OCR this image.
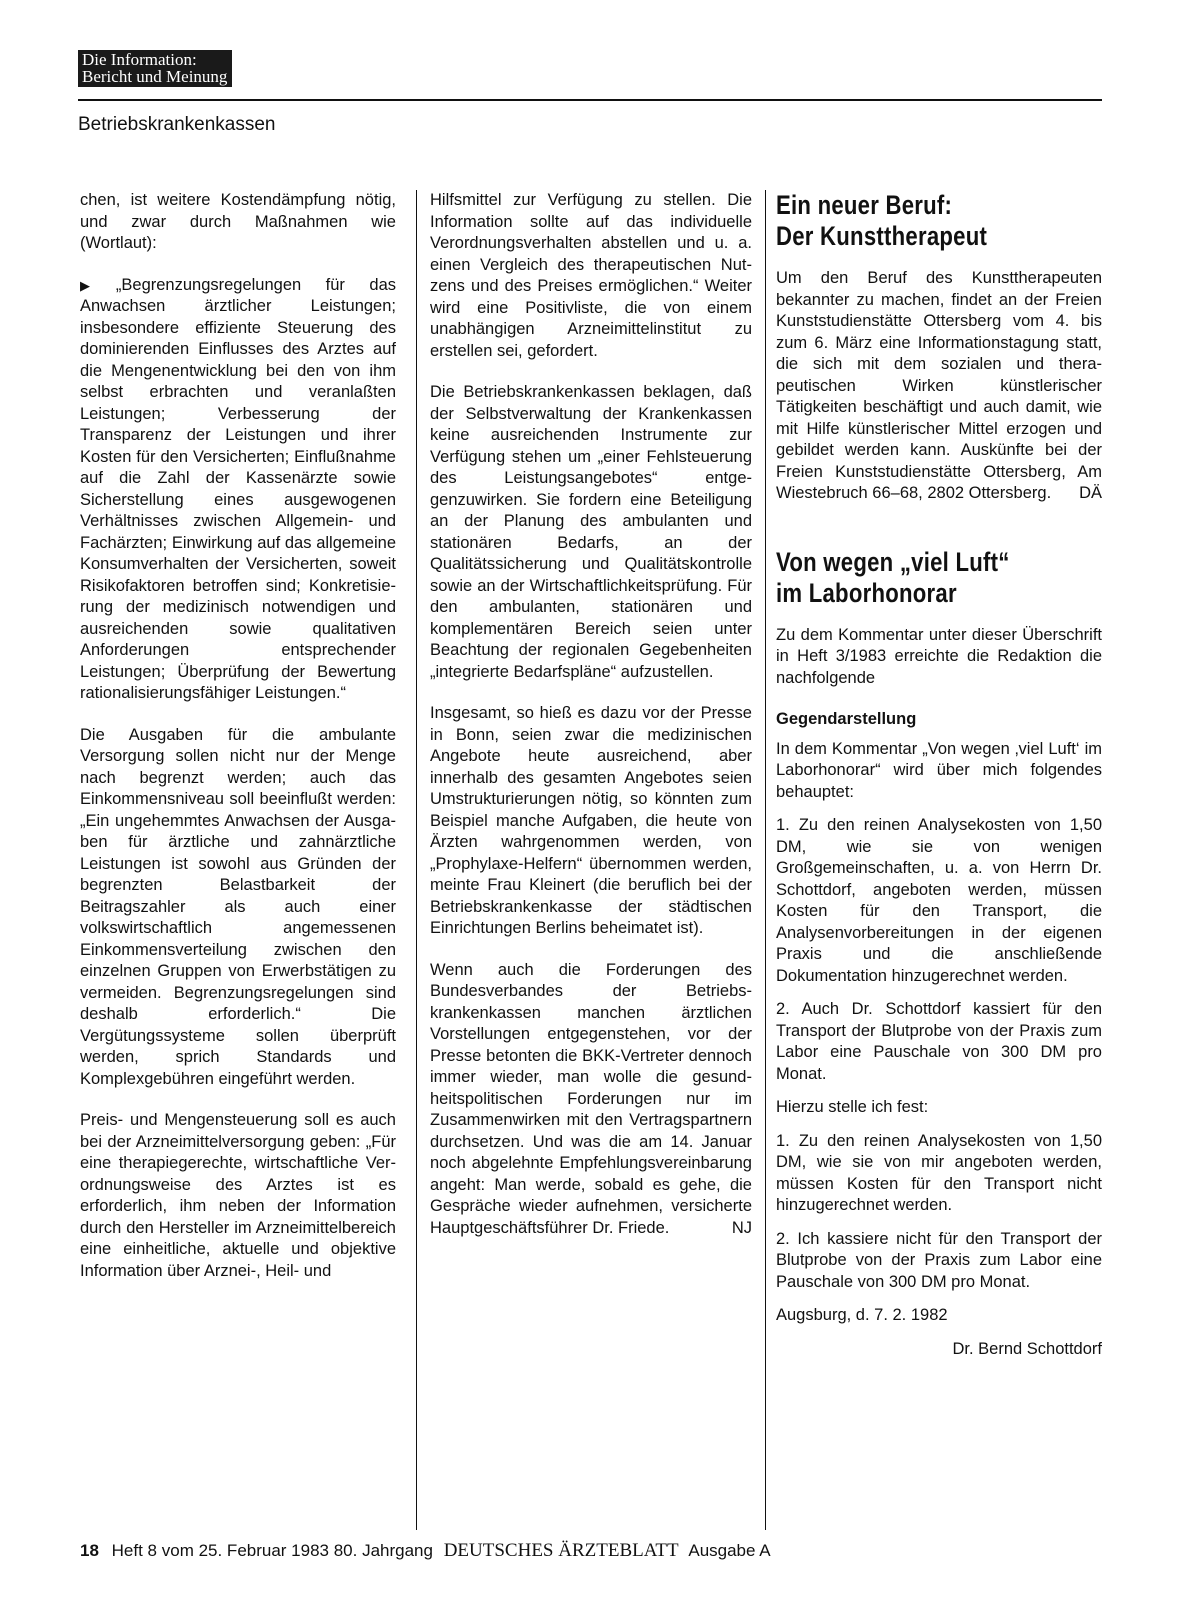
Die Information:
Bericht und Meinung
Betriebskrankenkassen

chen, ist weitere Kostendämpfung nötig, und zwar durch Maßnahmen wie (Wortlaut):

▶ „Begrenzungsregelungen für das Anwachsen ärztlicher Leistungen; insbesondere effiziente Steuerung des dominierenden Einflusses des Arztes auf die Mengenentwicklung bei den von ihm selbst erbrachten und veranlaßten Leistungen; Verbesserung der Transparenz der Leistungen und ihrer Kosten für den Versicherten; Einflußnahme auf die Zahl der Kassenärzte sowie Sicherstellung eines ausgewogenen Verhältnisses zwischen Allgemein- und Fachärzten; Einwirkung auf das allgemeine Konsumverhalten der Versicherten, soweit Risikofaktoren betroffen sind; Konkretisierung der medizinisch notwendigen und ausreichenden sowie qualitativen Anforderungen entsprechender Leistungen; Überprüfung der Bewertung rationalisierungsfähiger Leistungen.“

Die Ausgaben für die ambulante Versorgung sollen nicht nur der Menge nach begrenzt werden; auch das Einkommensniveau soll beeinflußt werden: „Ein ungehemmtes Anwachsen der Ausgaben für ärztliche und zahnärztliche Leistungen ist sowohl aus Gründen der begrenzten Belastbarkeit der Beitragszahler als auch einer volkswirtschaftlich angemessenen Einkommensverteilung zwischen den einzelnen Gruppen von Erwerbstätigen zu vermeiden. Begrenzungsregelungen sind deshalb erforderlich.“ Die Vergütungssysteme sollen überprüft werden, sprich Standards und Komplexgebühren eingeführt werden.

Preis- und Mengensteuerung soll es auch bei der Arzneimittelversorgung geben: „Für eine therapiegerechte, wirtschaftliche Verordnungsweise des Arztes ist es erforderlich, ihm neben der Information durch den Hersteller im Arzneimittelbereich eine einheitliche, aktuelle und objektive Information über Arznei-, Heil- und

Hilfsmittel zur Verfügung zu stellen. Die Information sollte auf das individuelle Verordnungsverhalten abstellen und u. a. einen Vergleich des therapeutischen Nutzens und des Preises ermöglichen.“ Weiter wird eine Positivliste, die von einem unabhängigen Arzneimittelinstitut zu erstellen sei, gefordert.

Die Betriebskrankenkassen beklagen, daß der Selbstverwaltung der Krankenkassen keine ausreichenden Instrumente zur Verfügung stehen um „einer Fehlsteuerung des Leistungsangebotes“ entgegenzuwirken. Sie fordern eine Beteiligung an der Planung des ambulanten und stationären Bedarfs, an der Qualitätssicherung und Qualitätskontrolle sowie an der Wirtschaftlichkeitsprüfung. Für den ambulanten, stationären und komplementären Bereich seien unter Beachtung der regionalen Gegebenheiten „integrierte Bedarfspläne“ aufzustellen.

Insgesamt, so hieß es dazu vor der Presse in Bonn, seien zwar die medizinischen Angebote heute ausreichend, aber innerhalb des gesamten Angebotes seien Umstrukturierungen nötig, so könnten zum Beispiel manche Aufgaben, die heute von Ärzten wahrgenommen werden, von „Prophylaxe-Helfern“ übernommen werden, meinte Frau Kleinert (die beruflich bei der Betriebskrankenkasse der städtischen Einrichtungen Berlins beheimatet ist).

Wenn auch die Forderungen des Bundesverbandes der Betriebskrankenkassen manchen ärztlichen Vorstellungen entgegenstehen, vor der Presse betonten die BKK-Vertreter dennoch immer wieder, man wolle die gesundheitspolitischen Forderungen nur im Zusammenwirken mit den Vertragspartnern durchsetzen. Und was die am 14. Januar noch abgelehnte Empfehlungsvereinbarung angeht: Man werde, sobald es gehe, die Gespräche wieder aufnehmen, versicherte Hauptgeschäftsführer Dr. Friede.	NJ

Ein neuer Beruf:
Der Kunsttherapeut

Um den Beruf des Kunsttherapeuten bekannter zu machen, findet an der Freien Kunststudienstätte Ottersberg vom 4. bis zum 6. März eine Informationstagung statt, die sich mit dem sozialen und therapeutischen Wirken künstlerischer Tätigkeiten beschäftigt und auch damit, wie mit Hilfe künstlerischer Mittel erzogen und gebildet werden kann. Auskünfte bei der Freien Kunststudienstätte Ottersberg, Am Wiestebruch 66–68, 2802 Ottersberg. DÄ

Von wegen „viel Luft“
im Laborhonorar

Zu dem Kommentar unter dieser Überschrift in Heft 3/1983 erreichte die Redaktion die nachfolgende

Gegendarstellung

In dem Kommentar „Von wegen ‚viel Luft‘ im Laborhonorar“ wird über mich folgendes behauptet:

1. Zu den reinen Analysekosten von 1,50 DM, wie sie von wenigen Großgemeinschaften, u. a. von Herrn Dr. Schottdorf, angeboten werden, müssen Kosten für den Transport, die Analysenvorbereitungen in der eigenen Praxis und die anschließende Dokumentation hinzugerechnet werden.

2. Auch Dr. Schottdorf kassiert für den Transport der Blutprobe von der Praxis zum Labor eine Pauschale von 300 DM pro Monat.

Hierzu stelle ich fest:

1. Zu den reinen Analysekosten von 1,50 DM, wie sie von mir angeboten werden, müssen Kosten für den Transport nicht hinzugerechnet werden.

2. Ich kassiere nicht für den Transport der Blutprobe von der Praxis zum Labor eine Pauschale von 300 DM pro Monat.

Augsburg, d. 7. 2. 1982

Dr. Bernd Schottdorf

18 Heft 8 vom 25. Februar 1983 80. Jahrgang DEUTSCHES ÄRZTEBLATT Ausgabe A
